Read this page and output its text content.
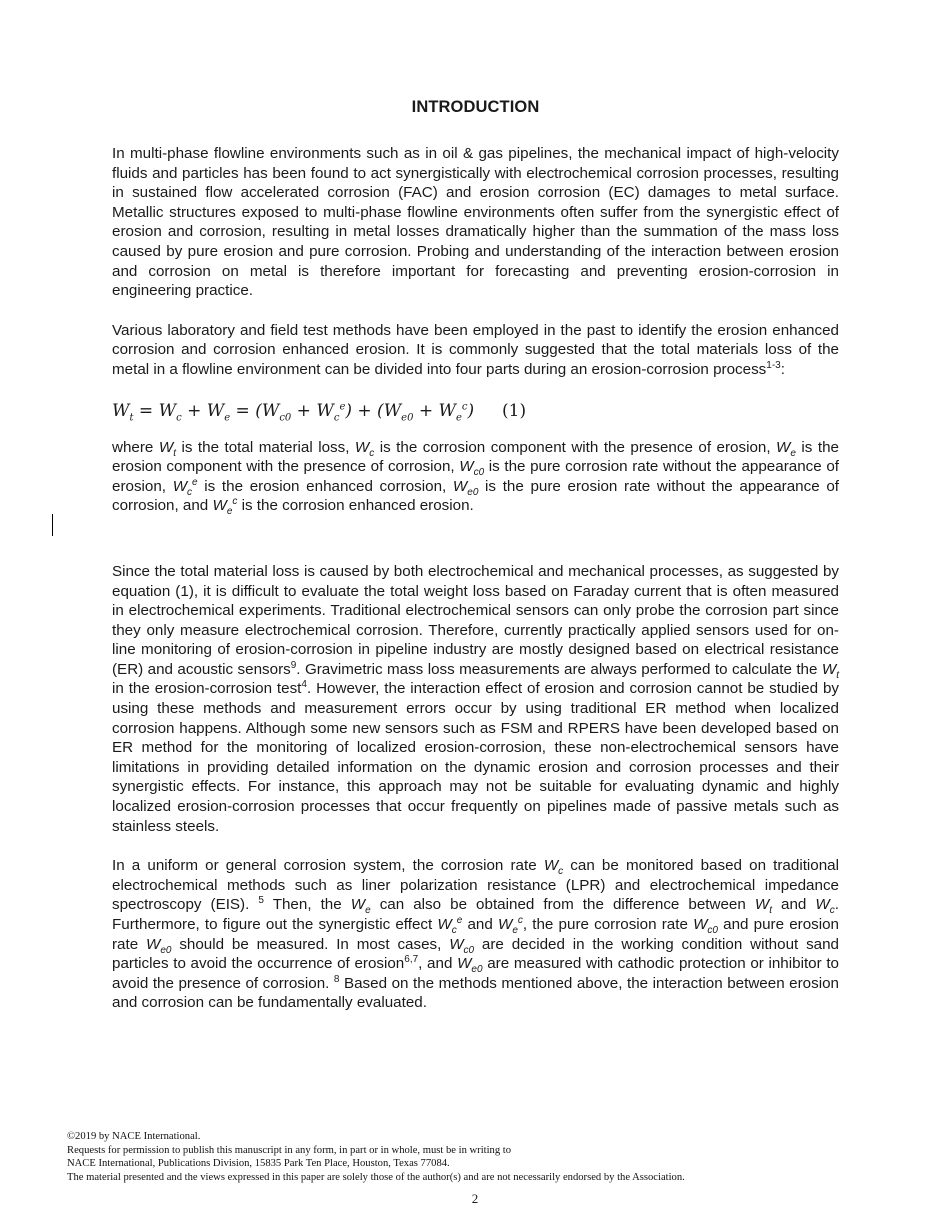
INTRODUCTION

In multi-phase flowline environments such as in oil & gas pipelines, the mechanical impact of high-velocity fluids and particles has been found to act synergistically with electrochemical corrosion processes, resulting in sustained flow accelerated corrosion (FAC) and erosion corrosion (EC) damages to metal surface. Metallic structures exposed to multi-phase flowline environments often suffer from the synergistic effect of erosion and corrosion, resulting in metal losses dramatically higher than the summation of the mass loss caused by pure erosion and pure corrosion. Probing and understanding of the interaction between erosion and corrosion on metal is therefore important for forecasting and preventing erosion-corrosion in engineering practice.

Various laboratory and field test methods have been employed in the past to identify the erosion enhanced corrosion and corrosion enhanced erosion. It is commonly suggested that the total materials loss of the metal in a flowline environment can be divided into four parts during an erosion-corrosion process$^{1-3}$:

$W_t = W_c + W_e = (W_{c0} + W_c^e) + (W_{e0} + W_e^c)$ (1)

where $W_t$ is the total material loss, $W_c$ is the corrosion component with the presence of erosion, $W_e$ is the erosion component with the presence of corrosion, $W_{c0}$ is the pure corrosion rate without the appearance of erosion, $W_c^e$ is the erosion enhanced corrosion, $W_{e0}$ is the pure erosion rate without the appearance of corrosion, and $W_e^c$ is the corrosion enhanced erosion.

Since the total material loss is caused by both electrochemical and mechanical processes, as suggested by equation (1), it is difficult to evaluate the total weight loss based on Faraday current that is often measured in electrochemical experiments. Traditional electrochemical sensors can only probe the corrosion part since they only measure electrochemical corrosion. Therefore, currently practically applied sensors used for on-line monitoring of erosion-corrosion in pipeline industry are mostly designed based on electrical resistance (ER) and acoustic sensors$^9$. Gravimetric mass loss measurements are always performed to calculate the $W_t$ in the erosion-corrosion test$^4$. However, the interaction effect of erosion and corrosion cannot be studied by using these methods and measurement errors occur by using traditional ER method when localized corrosion happens. Although some new sensors such as FSM and RPERS have been developed based on ER method for the monitoring of localized erosion-corrosion, these non-electrochemical sensors have limitations in providing detailed information on the dynamic erosion and corrosion processes and their synergistic effects. For instance, this approach may not be suitable for evaluating dynamic and highly localized erosion-corrosion processes that occur frequently on pipelines made of passive metals such as stainless steels.

In a uniform or general corrosion system, the corrosion rate $W_c$ can be monitored based on traditional electrochemical methods such as liner polarization resistance (LPR) and electrochemical impedance spectroscopy (EIS). $^5$ Then, the $W_e$ can also be obtained from the difference between $W_t$ and $W_c$. Furthermore, to figure out the synergistic effect $W_c^e$ and $W_e^c$, the pure corrosion rate $W_{c0}$ and pure erosion rate $W_{e0}$ should be measured. In most cases, $W_{c0}$ are decided in the working condition without sand particles to avoid the occurrence of erosion$^{6,7}$, and $W_{e0}$ are measured with cathodic protection or inhibitor to avoid the presence of corrosion. $^8$ Based on the methods mentioned above, the interaction between erosion and corrosion can be fundamentally evaluated.

©2019 by NACE International.
Requests for permission to publish this manuscript in any form, in part or in whole, must be in writing to
NACE International, Publications Division, 15835 Park Ten Place, Houston, Texas 77084.
The material presented and the views expressed in this paper are solely those of the author(s) and are not necessarily endorsed by the Association.
2
